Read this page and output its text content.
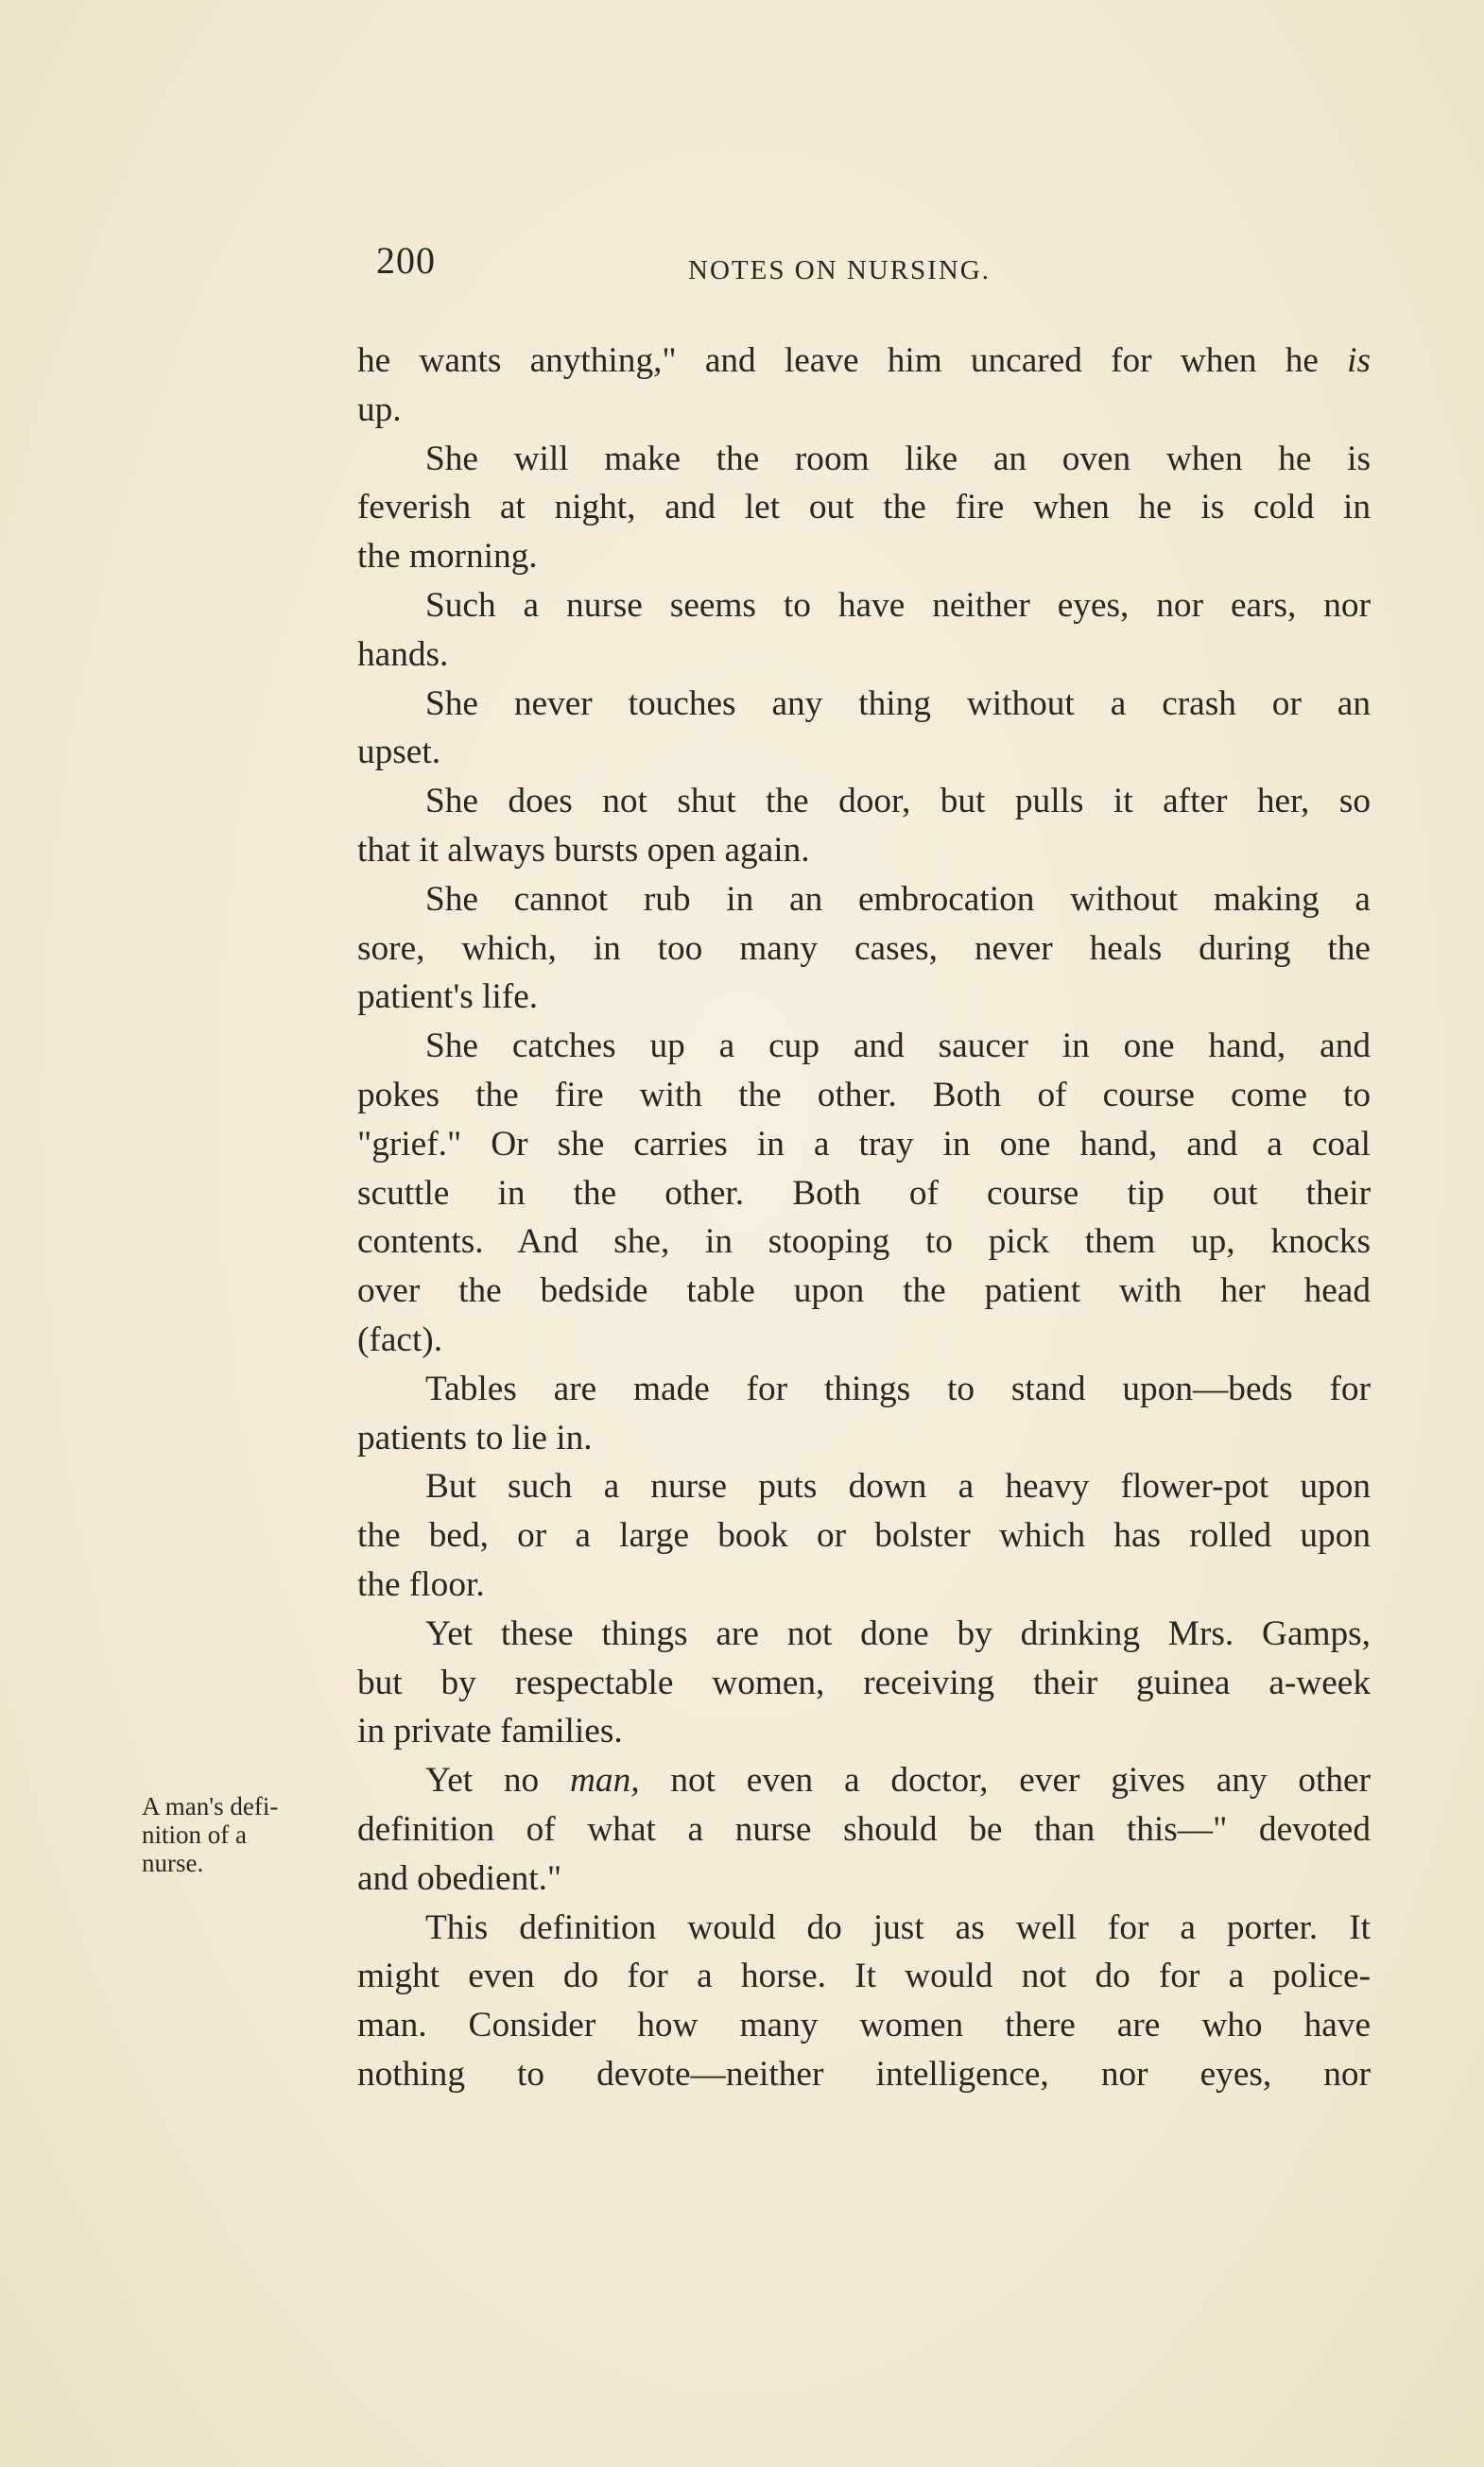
200	NOTES ON NURSING.
A man's defi-
nition of a
nurse.
he wants anything," and leave him uncared for when he is
up.
She will make the room like an oven when he is
feverish at night, and let out the fire when he is cold in
the morning.
Such a nurse seems to have neither eyes, nor ears, nor
hands.
She never touches any thing without a crash or an
upset.
She does not shut the door, but pulls it after her, so
that it always bursts open again.
She cannot rub in an embrocation without making a
sore, which, in too many cases, never heals during the
patient's life.
She catches up a cup and saucer in one hand, and
pokes the fire with the other. Both of course come to
"grief." Or she carries in a tray in one hand, and a coal
scuttle in the other. Both of course tip out their
contents. And she, in stooping to pick them up, knocks
over the bedside table upon the patient with her head
(fact).
Tables are made for things to stand upon—beds for
patients to lie in.
But such a nurse puts down a heavy flower-pot upon
the bed, or a large book or bolster which has rolled upon
the floor.
Yet these things are not done by drinking Mrs. Gamps,
but by respectable women, receiving their guinea a-week
in private families.
Yet no man, not even a doctor, ever gives any other
definition of what a nurse should be than this—" devoted
and obedient."
This definition would do just as well for a porter. It
might even do for a horse. It would not do for a police-
man. Consider how many women there are who have
nothing to devote—neither intelligence, nor eyes, nor
